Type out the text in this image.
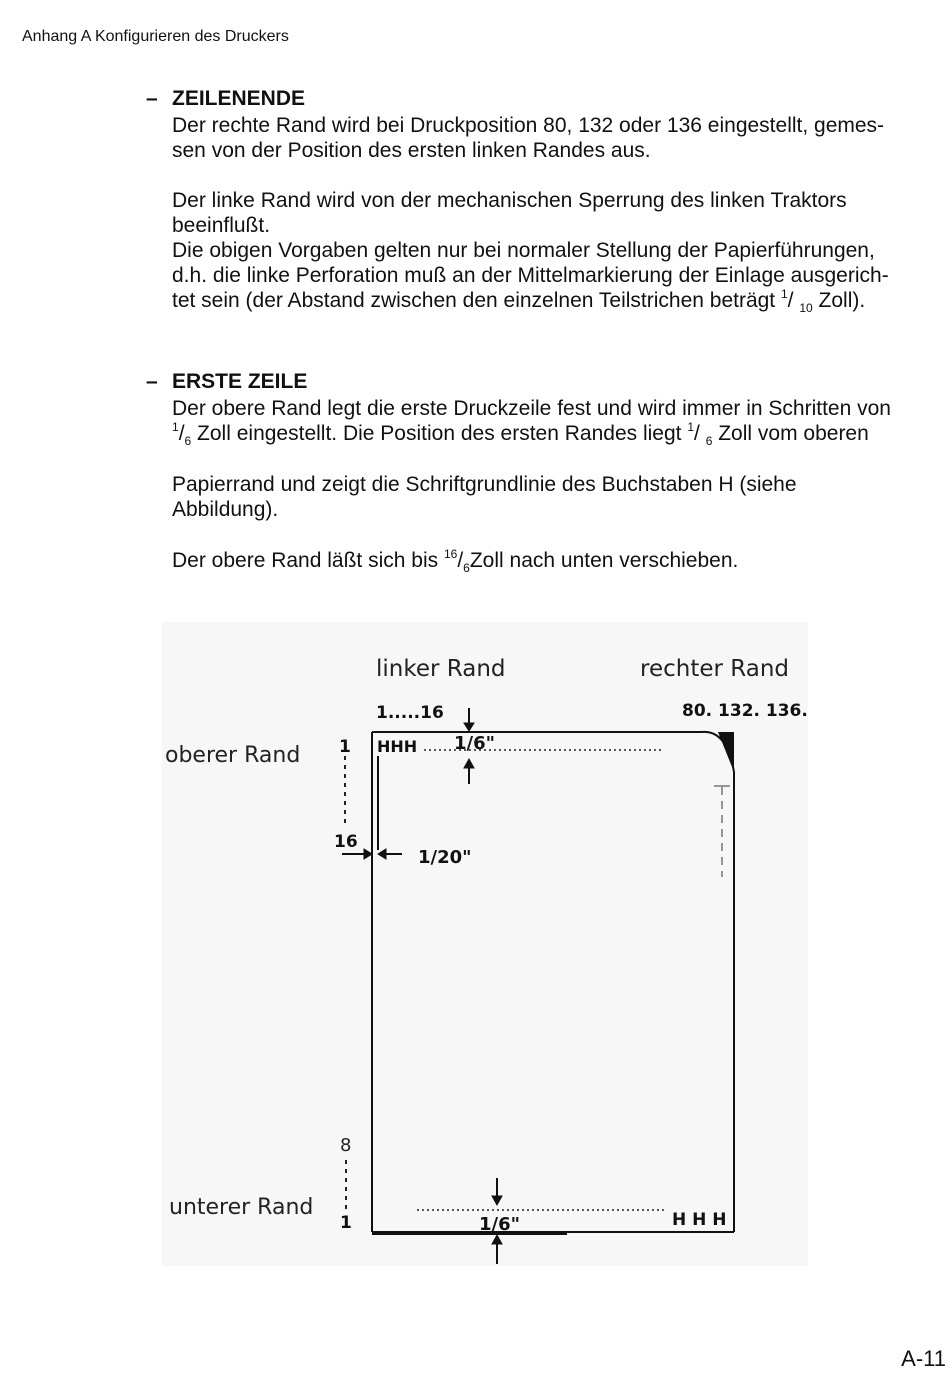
Anhang A Konfigurieren des Druckers
– ZEILENENDE
Der rechte Rand wird bei Druckposition 80, 132 oder 136 eingestellt, gemes-
sen von der Position des ersten linken Randes aus.
Der linke Rand wird von der mechanischen Sperrung des linken Traktors
beeinflußt.
Die obigen Vorgaben gelten nur bei normaler Stellung der Papierführungen,
d.h. die linke Perforation muß an der Mittelmarkierung der Einlage ausgerich-
tet sein (der Abstand zwischen den einzelnen Teilstrichen beträgt $^1$/ $_{10}$ Zoll).
– ERSTE ZEILE
Der obere Rand legt die erste Druckzeile fest und wird immer in Schritten von
$^1/_6$ Zoll eingestellt. Die Position des ersten Randes liegt $^1$/ $_6$ Zoll vom oberen
Papierrand und zeigt die Schriftgrundlinie des Buchstaben H (siehe
Abbildung).
Der obere Rand läßt sich bis $^{16}/_6Zoll$ nach unten verschieben.
linker Rand	rechter Rand
1.....16	80. 132. 136.
oberer Rand 1 HHH 1/6"
16
1/20"
8
unterer Rand
1	1/6"	H H H
A-11
